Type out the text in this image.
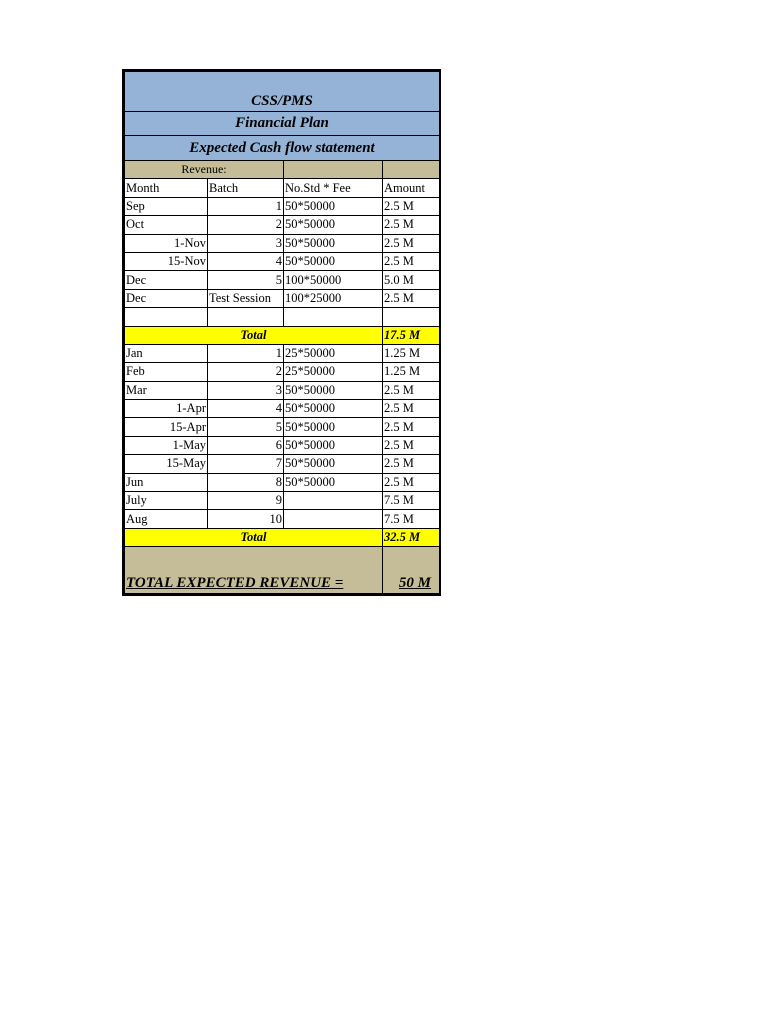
CSS/PMS			
Financial Plan			
Expected Cash flow statement			
Revenue:			
Month	Batch	No.Std * Fee	Amount
Sep	1	50*50000	2.5 M
Oct	2	50*50000	2.5 M
1-Nov	3	50*50000	2.5 M
15-Nov	4	50*50000	2.5 M
Dec	5	100*50000	5.0 M
Dec	Test Session	100*25000	2.5 M

Total			17.5 M
Jan	1	25*50000	1.25 M
Feb	2	25*50000	1.25 M
Mar	3	50*50000	2.5 M
1-Apr	4	50*50000	2.5 M
15-Apr	5	50*50000	2.5 M
1-May	6	50*50000	2.5 M
15-May	7	50*50000	2.5 M
Jun	8	50*50000	2.5 M
July	9		7.5 M
Aug	10		7.5 M
Total			32.5 M
TOTAL EXPECTED REVENUE =			50 M
